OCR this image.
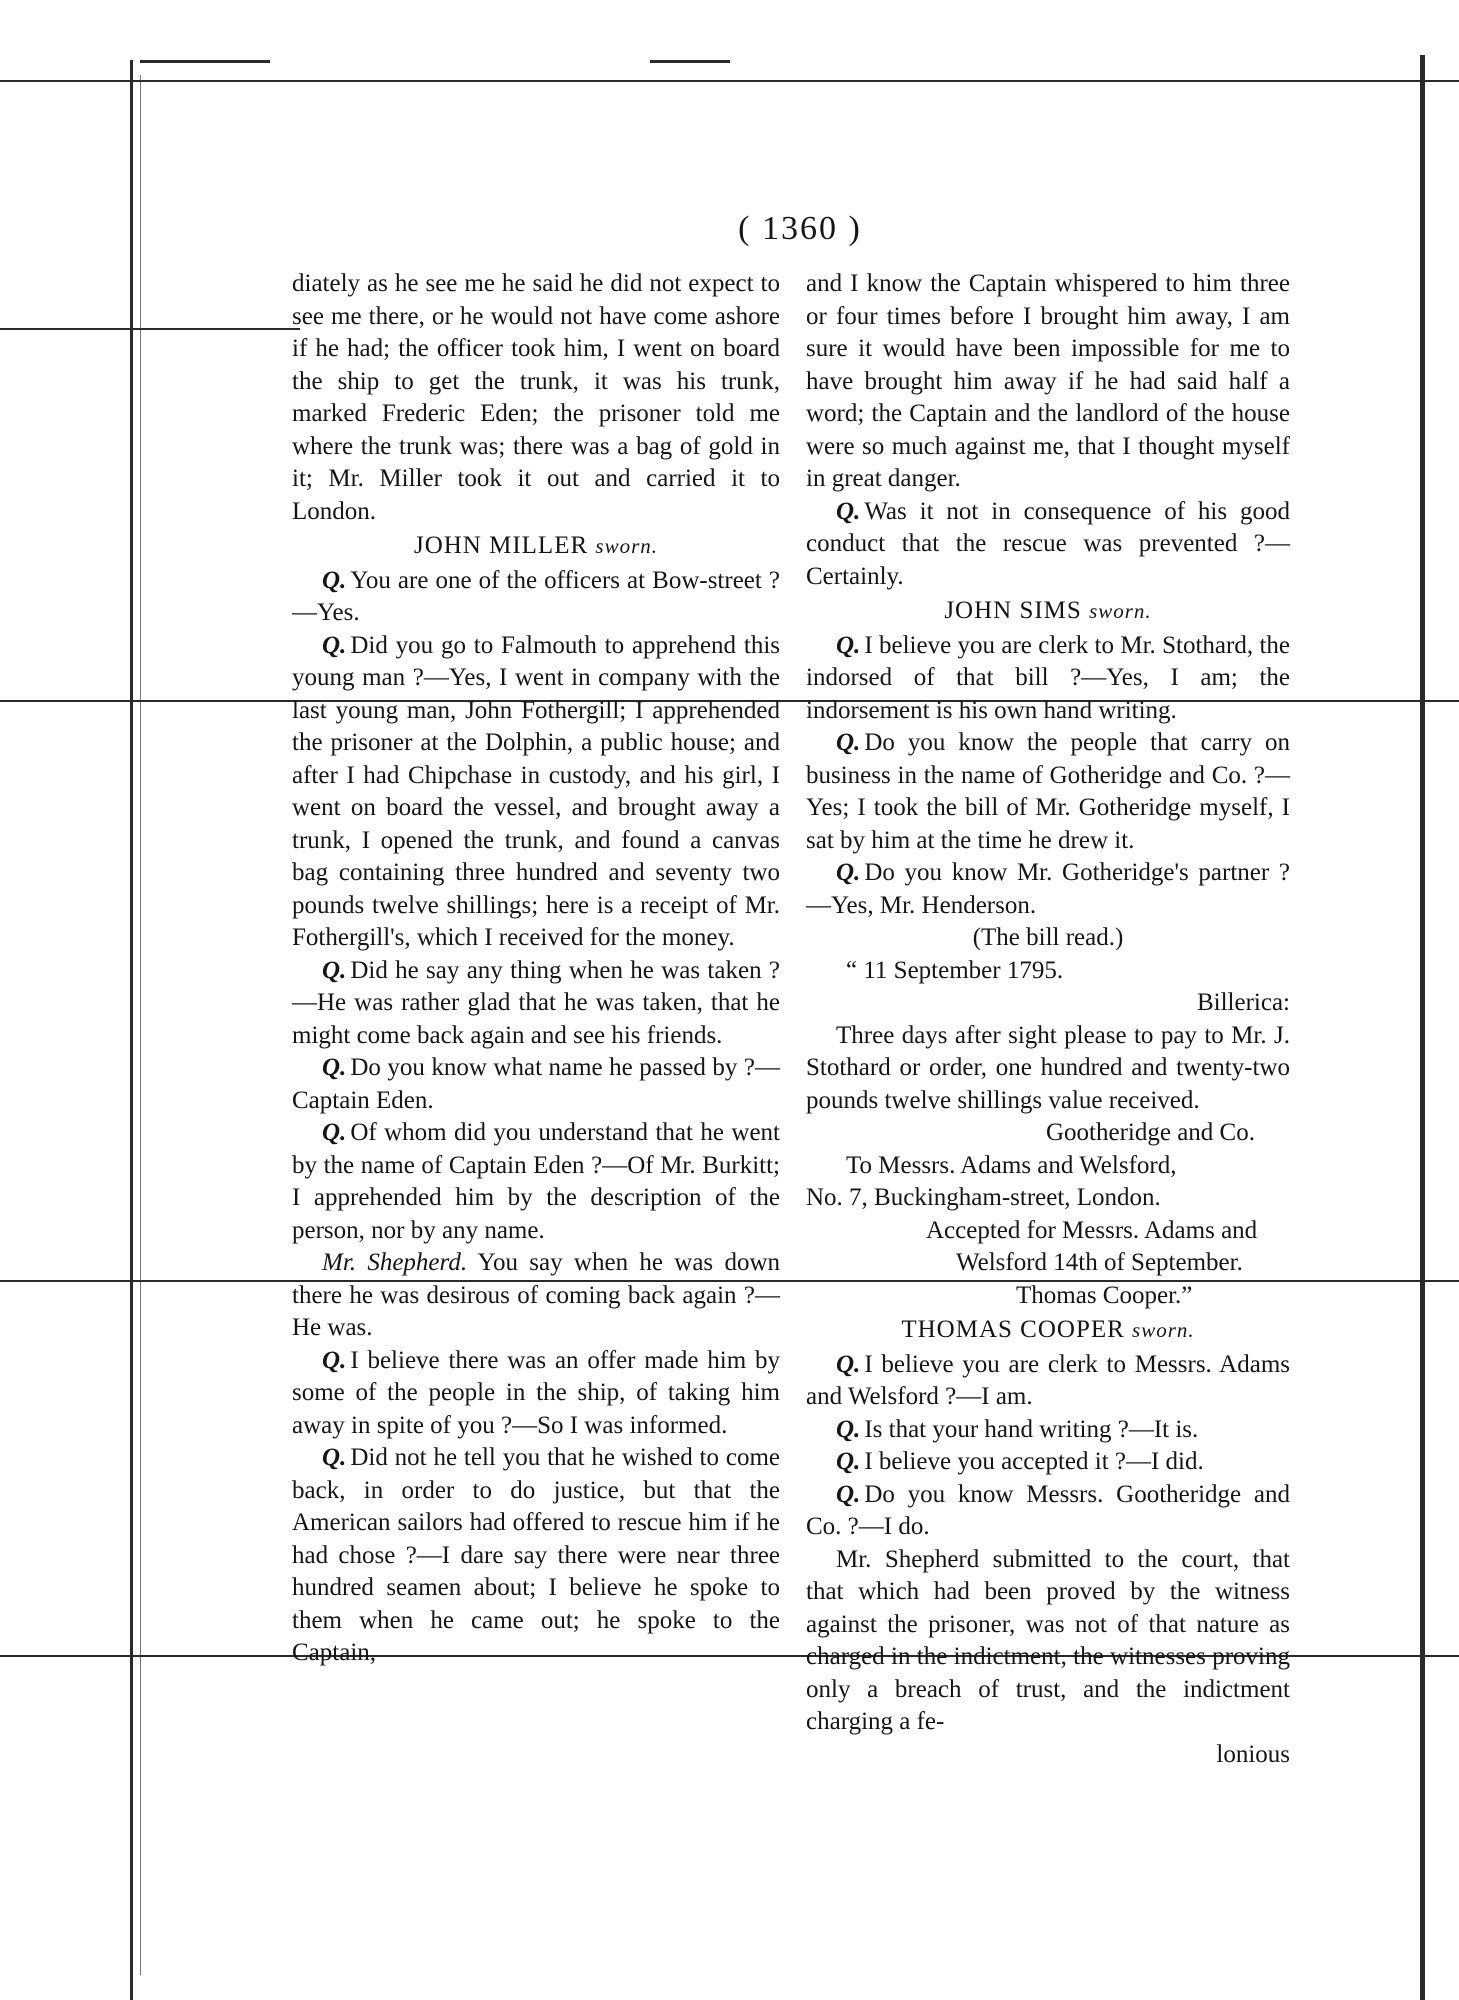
( 1360 )

diately as he see me he said he did not expect to see me there, or he would not have come ashore if he had; the officer took him, I went on board the ship to get the trunk, it was his trunk, marked Frederic Eden; the prisoner told me where the trunk was; there was a bag of gold in it; Mr. Miller took it out and carried it to London.

JOHN MILLER sworn.

Q. You are one of the officers at Bow-street ?—Yes.

Q. Did you go to Falmouth to apprehend this young man ?—Yes, I went in company with the last young man, John Fothergill; I apprehended the prisoner at the Dolphin, a public house; and after I had Chipchase in custody, and his girl, I went on board the vessel, and brought away a trunk, I opened the trunk, and found a canvas bag containing three hundred and seventy two pounds twelve shillings; here is a receipt of Mr. Fothergill's, which I received for the money.

Q. Did he say any thing when he was taken ?—He was rather glad that he was taken, that he might come back again and see his friends.

Q. Do you know what name he passed by ?—Captain Eden.

Q. Of whom did you understand that he went by the name of Captain Eden ?—Of Mr. Burkitt; I apprehended him by the description of the person, nor by any name.

Mr. Shepherd. You say when he was down there he was desirous of coming back again ?—He was.

Q. I believe there was an offer made him by some of the people in the ship, of taking him away in spite of you ?—So I was informed.

Q. Did not he tell you that he wished to come back, in order to do justice, but that the American sailors had offered to rescue him if he had chose ?—I dare say there were near three hundred seamen about; I believe he spoke to them when he came out; he spoke to the Captain,

and I know the Captain whispered to him three or four times before I brought him away, I am sure it would have been impossible for me to have brought him away if he had said half a word; the Captain and the landlord of the house were so much against me, that I thought myself in great danger.

Q. Was it not in consequence of his good conduct that the rescue was prevented ?—Certainly.

JOHN SIMS sworn.

Q. I believe you are clerk to Mr. Stothard, the indorsed of that bill ?—Yes, I am; the indorsement is his own hand writing.

Q. Do you know the people that carry on business in the name of Gotheridge and Co. ?—Yes; I took the bill of Mr. Gotheridge myself, I sat by him at the time he drew it.

Q. Do you know Mr. Gotheridge's partner ?—Yes, Mr. Henderson.

(The bill read.)

“ 11 September 1795.

Billerica:

Three days after sight please to pay to Mr. J. Stothard or order, one hundred and twenty-two pounds twelve shillings value received.

Gootheridge and Co.

To Messrs. Adams and Welsford,

No. 7, Buckingham-street, London.

Accepted for Messrs. Adams and

Welsford 14th of September.

Thomas Cooper.”

THOMAS COOPER sworn.

Q. I believe you are clerk to Messrs. Adams and Welsford ?—I am.

Q. Is that your hand writing ?—It is.

Q. I believe you accepted it ?—I did.

Q. Do you know Messrs. Gootheridge and Co. ?—I do.

Mr. Shepherd submitted to the court, that that which had been proved by the witness against the prisoner, was not of that nature as charged in the indictment, the witnesses proving only a breach of trust, and the indictment charging a fe-

lonious
